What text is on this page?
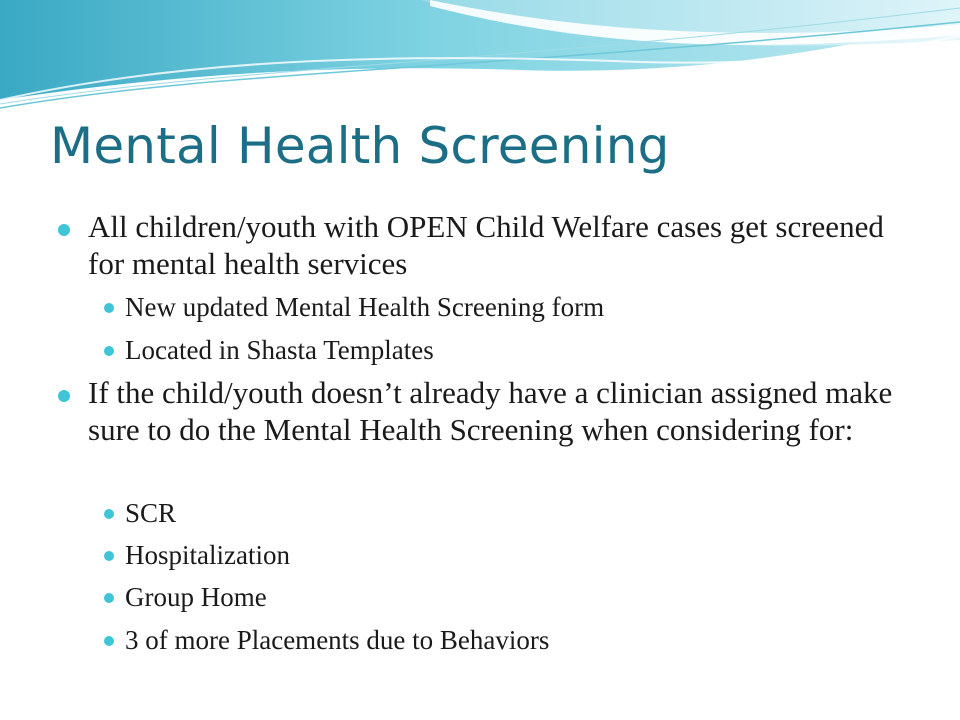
Mental Health Screening
All children/youth with OPEN Child Welfare cases get screened for mental health services
New updated Mental Health Screening form
Located in Shasta Templates
If the child/youth doesn’t already have a clinician assigned make sure to do the Mental Health Screening when considering for:
SCR
Hospitalization
Group Home
3 of more Placements due to Behaviors
